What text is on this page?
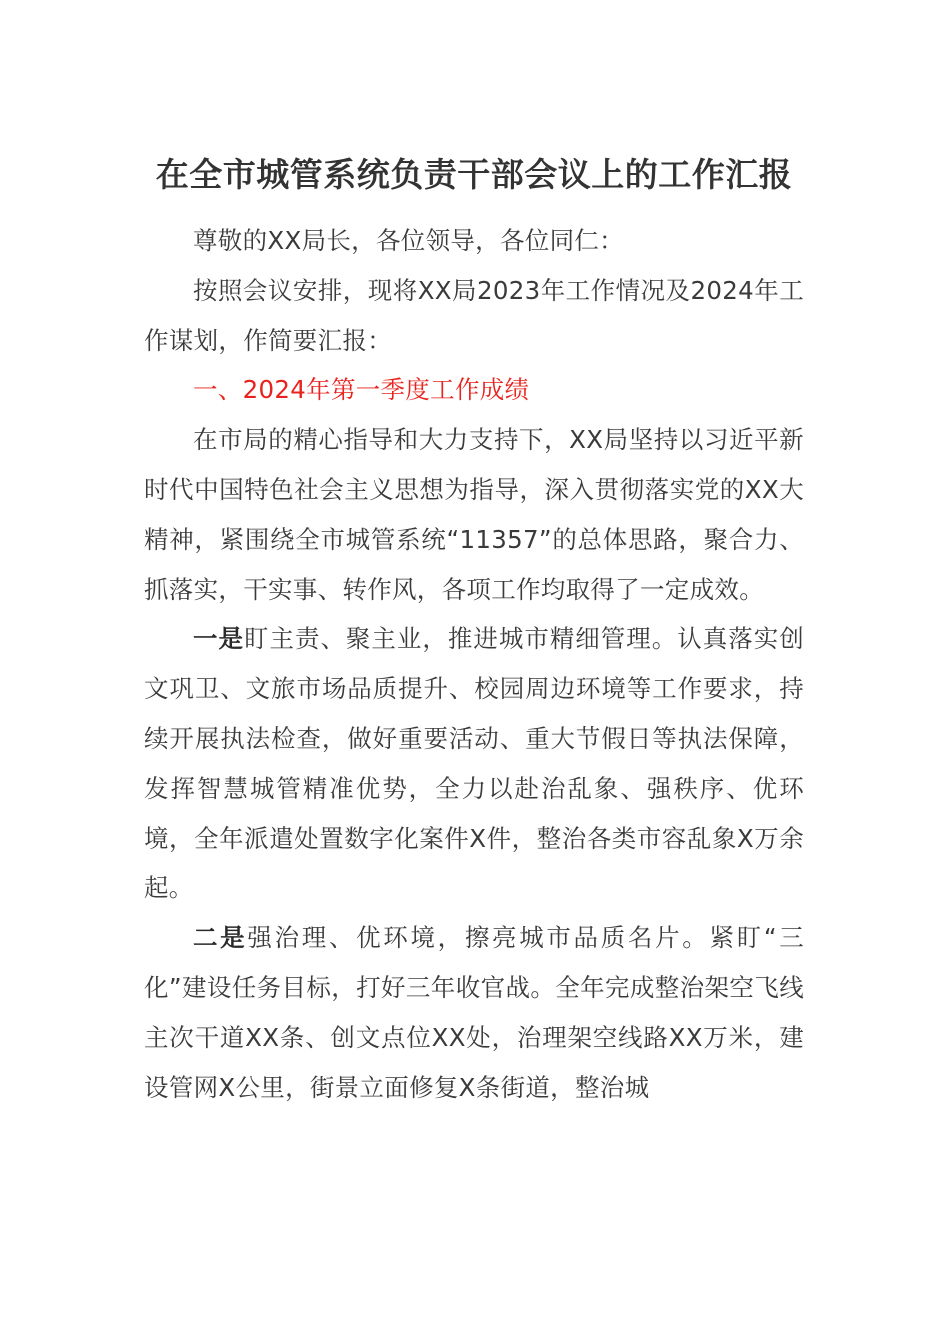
在全市城管系统负责干部会议上的工作汇报

尊敬的XX局长，各位领导，各位同仁：

按照会议安排，现将XX局2023年工作情况及2024年工作谋划，作简要汇报：

一、2024年第一季度工作成绩

在市局的精心指导和大力支持下，XX局坚持以习近平新时代中国特色社会主义思想为指导，深入贯彻落实党的XX大精神，紧围绕全市城管系统“11357”的总体思路，聚合力、抓落实，干实事、转作风，各项工作均取得了一定成效。

一是盯主责、聚主业，推进城市精细管理。认真落实创文巩卫、文旅市场品质提升、校园周边环境等工作要求，持续开展执法检查，做好重要活动、重大节假日等执法保障，发挥智慧城管精准优势，全力以赴治乱象、强秩序、优环境，全年派遣处置数字化案件X件，整治各类市容乱象X万余起。

二是强治理、优环境，擦亮城市品质名片。紧盯“三化”建设任务目标，打好三年收官战。全年完成整治架空飞线主次干道XX条、创文点位XX处，治理架空线路XX万米，建设管网X公里，街景立面修复X条街道，整治城
